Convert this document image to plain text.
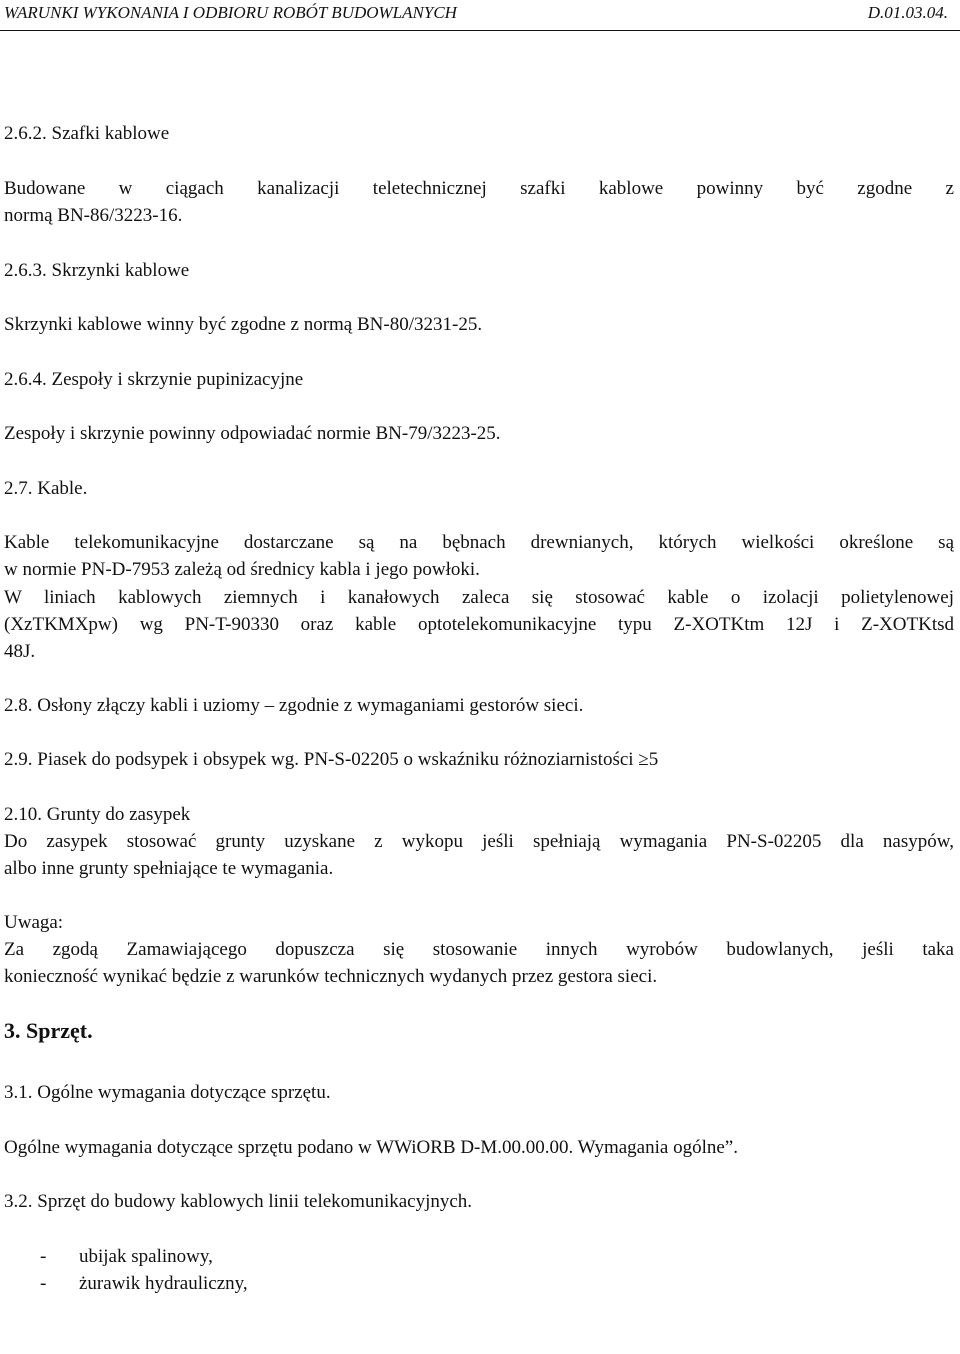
WARUNKI WYKONANIA I ODBIORU ROBÓT BUDOWLANYCH	D.01.03.04.
2.6.2. Szafki kablowe
Budowane w ciągach kanalizacji teletechnicznej szafki kablowe powinny być zgodne z
normą BN-86/3223-16.
2.6.3. Skrzynki kablowe
Skrzynki kablowe winny być zgodne z normą BN-80/3231-25.
2.6.4. Zespoły i skrzynie pupinizacyjne
Zespoły i skrzynie powinny odpowiadać normie BN-79/3223-25.
2.7. Kable.
Kable telekomunikacyjne dostarczane są na bębnach drewnianych, których wielkości określone są
w normie PN-D-7953 zależą od średnicy kabla i jego powłoki.
W liniach kablowych ziemnych i kanałowych zaleca się stosować kable o izolacji polietylenowej
(XzTKMXpw) wg PN-T-90330 oraz kable optotelekomunikacyjne typu Z-XOTKtm 12J i Z-XOTKtsd
48J.
2.8. Osłony złączy kabli i uziomy – zgodnie z wymaganiami gestorów sieci.
2.9. Piasek do podsypek i obsypek wg. PN-S-02205 o wskaźniku różnoziarnistości ≥5
2.10. Grunty do zasypek
Do zasypek stosować grunty uzyskane z wykopu jeśli spełniają wymagania PN-S-02205 dla nasypów,
albo inne grunty spełniające te wymagania.
Uwaga:
Za zgodą Zamawiającego dopuszcza się stosowanie innych wyrobów budowlanych, jeśli taka
konieczność wynikać będzie z warunków technicznych wydanych przez gestora sieci.
3. Sprzęt.
3.1. Ogólne wymagania dotyczące sprzętu.
Ogólne wymagania dotyczące sprzętu podano w WWiORB D-M.00.00.00. Wymagania ogólne”.
3.2. Sprzęt do budowy kablowych linii telekomunikacyjnych.
- ubijak spalinowy,
- żurawik hydrauliczny,
